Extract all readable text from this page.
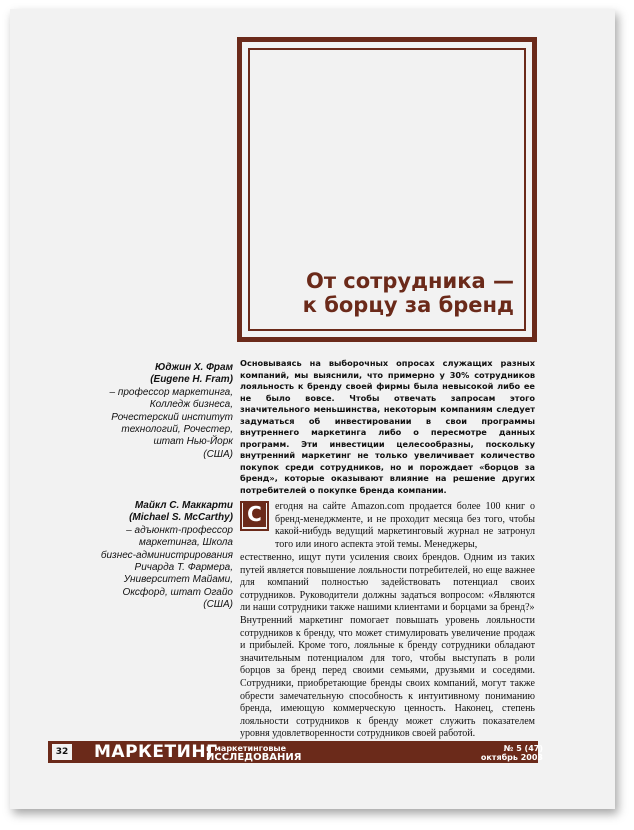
От сотрудника —
к борцу за бренд
Юджин Х. Фрам
(Eugene H. Fram)
– профессор маркетинга,
Колледж бизнеса,
Рочестерский институт
технологий, Рочестер,
штат Нью-Йорк
(США)
Майкл С. Маккарти
(Michael S. McCarthy)
– адъюнкт-профессор
маркетинга, Школа
бизнес-администрирования
Ричарда Т. Фармера,
Университет Майами,
Оксфорд, штат Огайо
(США)
Основываясь на выборочных опросах служащих разных компаний, мы выяснили, что примерно у 30% сотрудников лояльность к бренду своей фирмы была невысокой либо ее не было вовсе. Чтобы отвечать запросам этого значительного меньшинства, некоторым компаниям следует задуматься об инвестировании в свои программы внутреннего маркетинга либо о пересмотре данных программ. Эти инвестиции целесообразны, поскольку внутренний маркетинг не только увеличивает количество покупок среди сотрудников, но и порождает «борцов за бренд», которые оказывают влияние на решение других потребителей о покупке бренда компании.
С	егодня на сайте Amazon.com продается более 100 книг о бренд-менеджменте, и не проходит месяца без того, чтобы какой-нибудь ведущий маркетинговый журнал не затронул того или иного аспекта этой темы. Менеджеры,
естественно, ищут пути усиления своих брендов. Одним из таких путей является повышение лояльности потребителей, но еще важнее для компаний полностью задействовать потенциал своих сотрудников. Руководители должны задаться вопросом: «Являются ли наши сотрудники также нашими клиентами и борцами за бренд?»
Внутренний маркетинг помогает повышать уровень лояльности сотрудников к бренду, что может стимулировать увеличение продаж и прибылей. Кроме того, лояльные к бренду сотрудники обладают значительным потенциалом для того, чтобы выступать в роли борцов за бренд перед своими семьями, друзьями и соседями. Сотрудники, приобретающие бренды своих компаний, могут также обрести замечательную способность к интуитивному пониманию бренда, имеющую коммерческую ценность. Наконец, степень лояльности сотрудников к бренду может служить показателем уровня удовлетворенности сотрудников своей работой.
32 МАРКЕТИНГ
и маркетинговые
ИССЛЕДОВАНИЯ
№ 5 (47)
октябрь 2003
